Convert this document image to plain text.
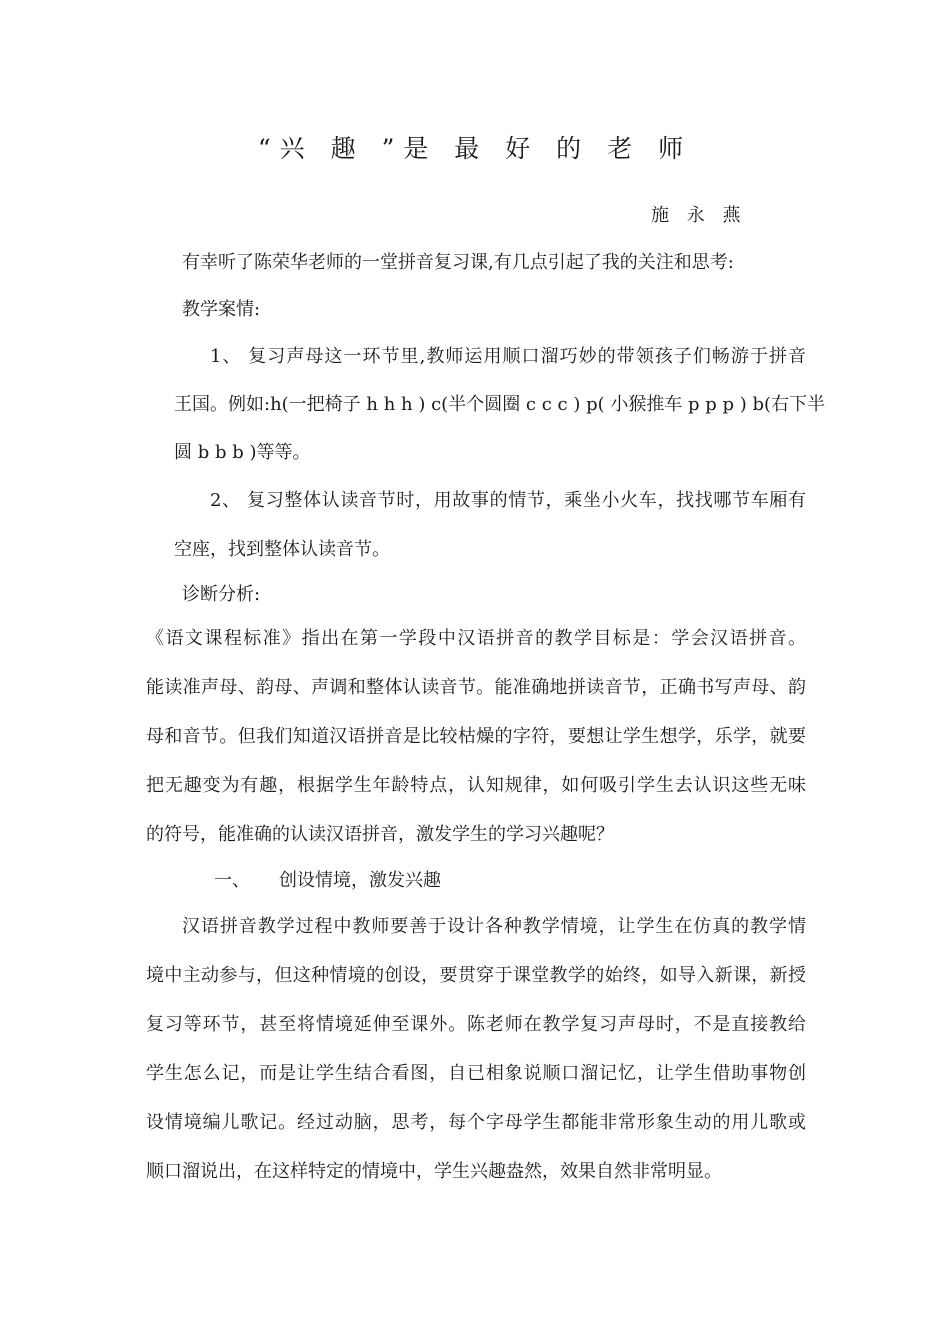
“兴 趣 ”是 最 好 的 老 师
施 永 燕
有幸听了陈荣华老师的一堂拼音复习课,有几点引起了我的关注和思考:
教学案情:
1、 复习声母这一环节里,教师运用顺口溜巧妙的带领孩子们畅游于拼音
王国。例如:h(一把椅子 h h h ) c(半个圆圈 c c c ) p( 小猴推车 p p p ) b(右下半
圆 b b b )等等。
2、 复习整体认读音节时，用故事的情节，乘坐小火车，找找哪节车厢有
空座，找到整体认读音节。
诊断分析:
《语文课程标准》指出在第一学段中汉语拼音的教学目标是：学会汉语拼音。
能读准声母、韵母、声调和整体认读音节。能准确地拼读音节，正确书写声母、韵
母和音节。但我们知道汉语拼音是比较枯燥的字符，要想让学生想学，乐学，就要
把无趣变为有趣，根据学生年龄特点，认知规律，如何吸引学生去认识这些无味
的符号，能准确的认读汉语拼音，激发学生的学习兴趣呢？
一、 创设情境，激发兴趣
汉语拼音教学过程中教师要善于设计各种教学情境，让学生在仿真的教学情
境中主动参与，但这种情境的创设，要贯穿于课堂教学的始终，如导入新课，新授
复习等环节，甚至将情境延伸至课外。陈老师在教学复习声母时，不是直接教给
学生怎么记，而是让学生结合看图，自已相象说顺口溜记忆，让学生借助事物创
设情境编儿歌记。经过动脑，思考，每个字母学生都能非常形象生动的用儿歌或
顺口溜说出，在这样特定的情境中，学生兴趣盎然，效果自然非常明显。
